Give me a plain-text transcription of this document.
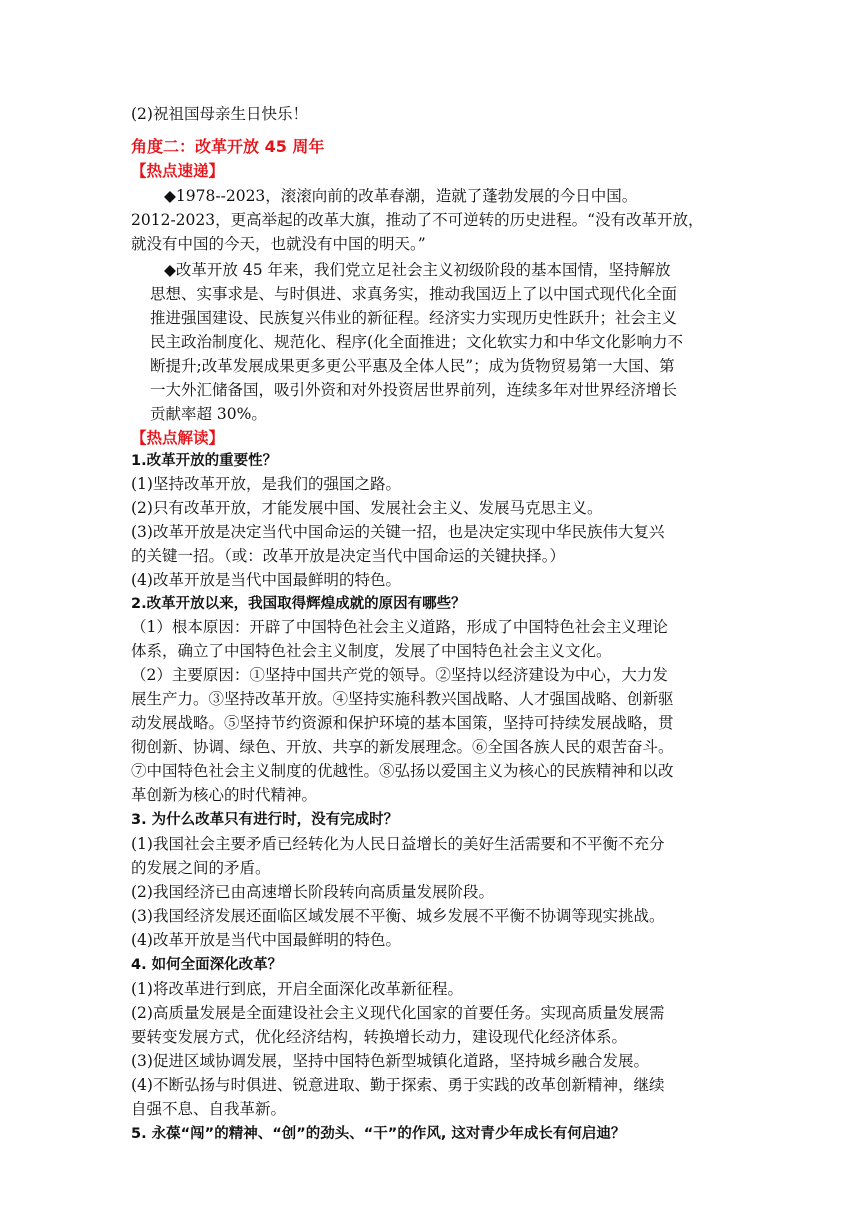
(2)祝祖国母亲生日快乐！
角度二：改革开放 45 周年
【热点速递】
◆1978--2023，滚滚向前的改革春潮，造就了蓬勃发展的今日中国。
2012-2023，更高举起的改革大旗，推动了不可逆转的历史进程。“没有改革开放，
就没有中国的今天，也就没有中国的明天。”
◆改革开放 45 年来，我们党立足社会主义初级阶段的基本国情，坚持解放
思想、实事求是、与时俱进、求真务实，推动我国迈上了以中国式现代化全面
推进强国建设、民族复兴伟业的新征程。经济实力实现历史性跃升；社会主义
民主政治制度化、规范化、程序(化全面推进；文化软实力和中华文化影响力不
断提升;改革发展成果更多更公平惠及全体人民”；成为货物贸易第一大国、第
一大外汇储备国，吸引外资和对外投资居世界前列，连续多年对世界经济增长
贡献率超 30%。
【热点解读】
1.改革开放的重要性？
(1)坚持改革开放，是我们的强国之路。
(2)只有改革开放，才能发展中国、发展社会主义、发展马克思主义。
(3)改革开放是决定当代中国命运的关键一招，也是决定实现中华民族伟大复兴
的关键一招。（或：改革开放是决定当代中国命运的关键抉择。）
(4)改革开放是当代中国最鲜明的特色。
2.改革开放以来，我国取得辉煌成就的原因有哪些？
（1）根本原因：开辟了中国特色社会主义道路，形成了中国特色社会主义理论
体系，确立了中国特色社会主义制度，发展了中国特色社会主义文化。
（2）主要原因：①坚持中国共产党的领导。②坚持以经济建设为中心，大力发
展生产力。③坚持改革开放。④坚持实施科教兴国战略、人才强国战略、创新驱
动发展战略。⑤坚持节约资源和保护环境的基本国策，坚持可持续发展战略，贯
彻创新、协调、绿色、开放、共享的新发展理念。⑥全国各族人民的艰苦奋斗。
⑦中国特色社会主义制度的优越性。⑧弘扬以爱国主义为核心的民族精神和以改
革创新为核心的时代精神。
3. 为什么改革只有进行时，没有完成时？
(1)我国社会主要矛盾已经转化为人民日益增长的美好生活需要和不平衡不充分
的发展之间的矛盾。
(2)我国经济已由高速增长阶段转向高质量发展阶段。
(3)我国经济发展还面临区域发展不平衡、城乡发展不平衡不协调等现实挑战。
(4)改革开放是当代中国最鲜明的特色。
4. 如何全面深化改革？
(1)将改革进行到底，开启全面深化改革新征程。
(2)高质量发展是全面建设社会主义现代化国家的首要任务。实现高质量发展需
要转变发展方式，优化经济结构，转换增长动力，建设现代化经济体系。
(3)促进区域协调发展，坚持中国特色新型城镇化道路，坚持城乡融合发展。
(4)不断弘扬与时俱进、锐意进取、勤于探索、勇于实践的改革创新精神，继续
自强不息、自我革新。
5. 永葆“闯”的精神、“创”的劲头、“干”的作风, 这对青少年成长有何启迪？
